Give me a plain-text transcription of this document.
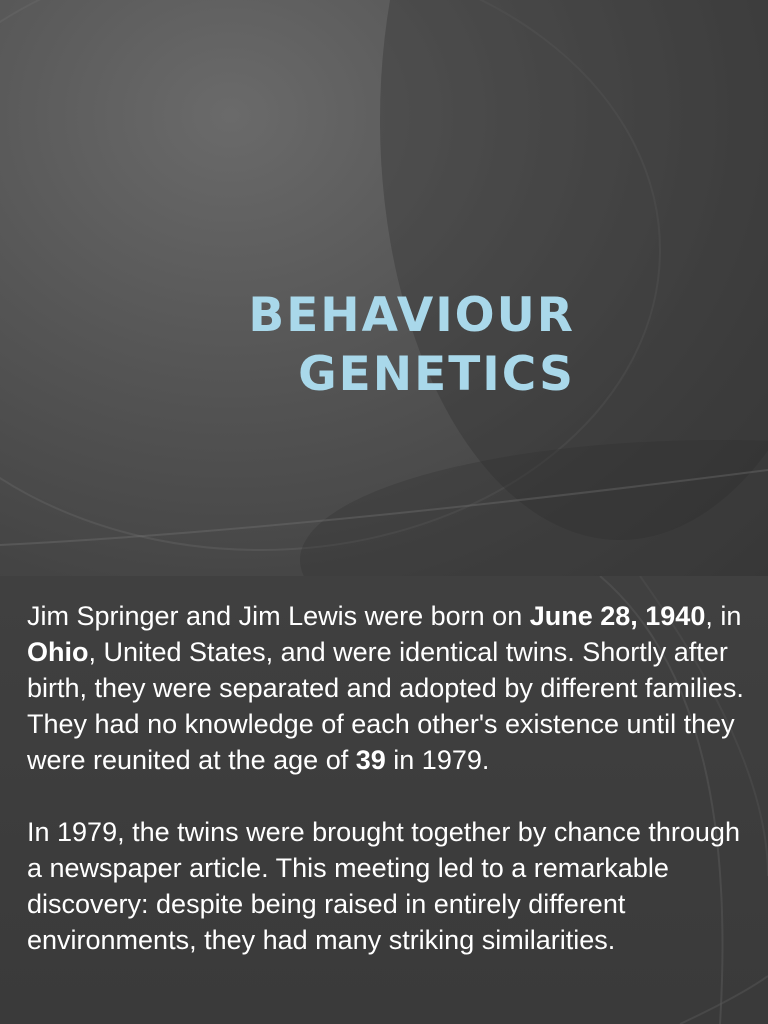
BEHAVIOUR
GENETICS

Jim Springer and Jim Lewis were born on June 28, 1940, in Ohio, United States, and were identical twins. Shortly after birth, they were separated and adopted by different families. They had no knowledge of each other's existence until they were reunited at the age of 39 in 1979.

In 1979, the twins were brought together by chance through a newspaper article. This meeting led to a remarkable discovery: despite being raised in entirely different environments, they had many striking similarities.
